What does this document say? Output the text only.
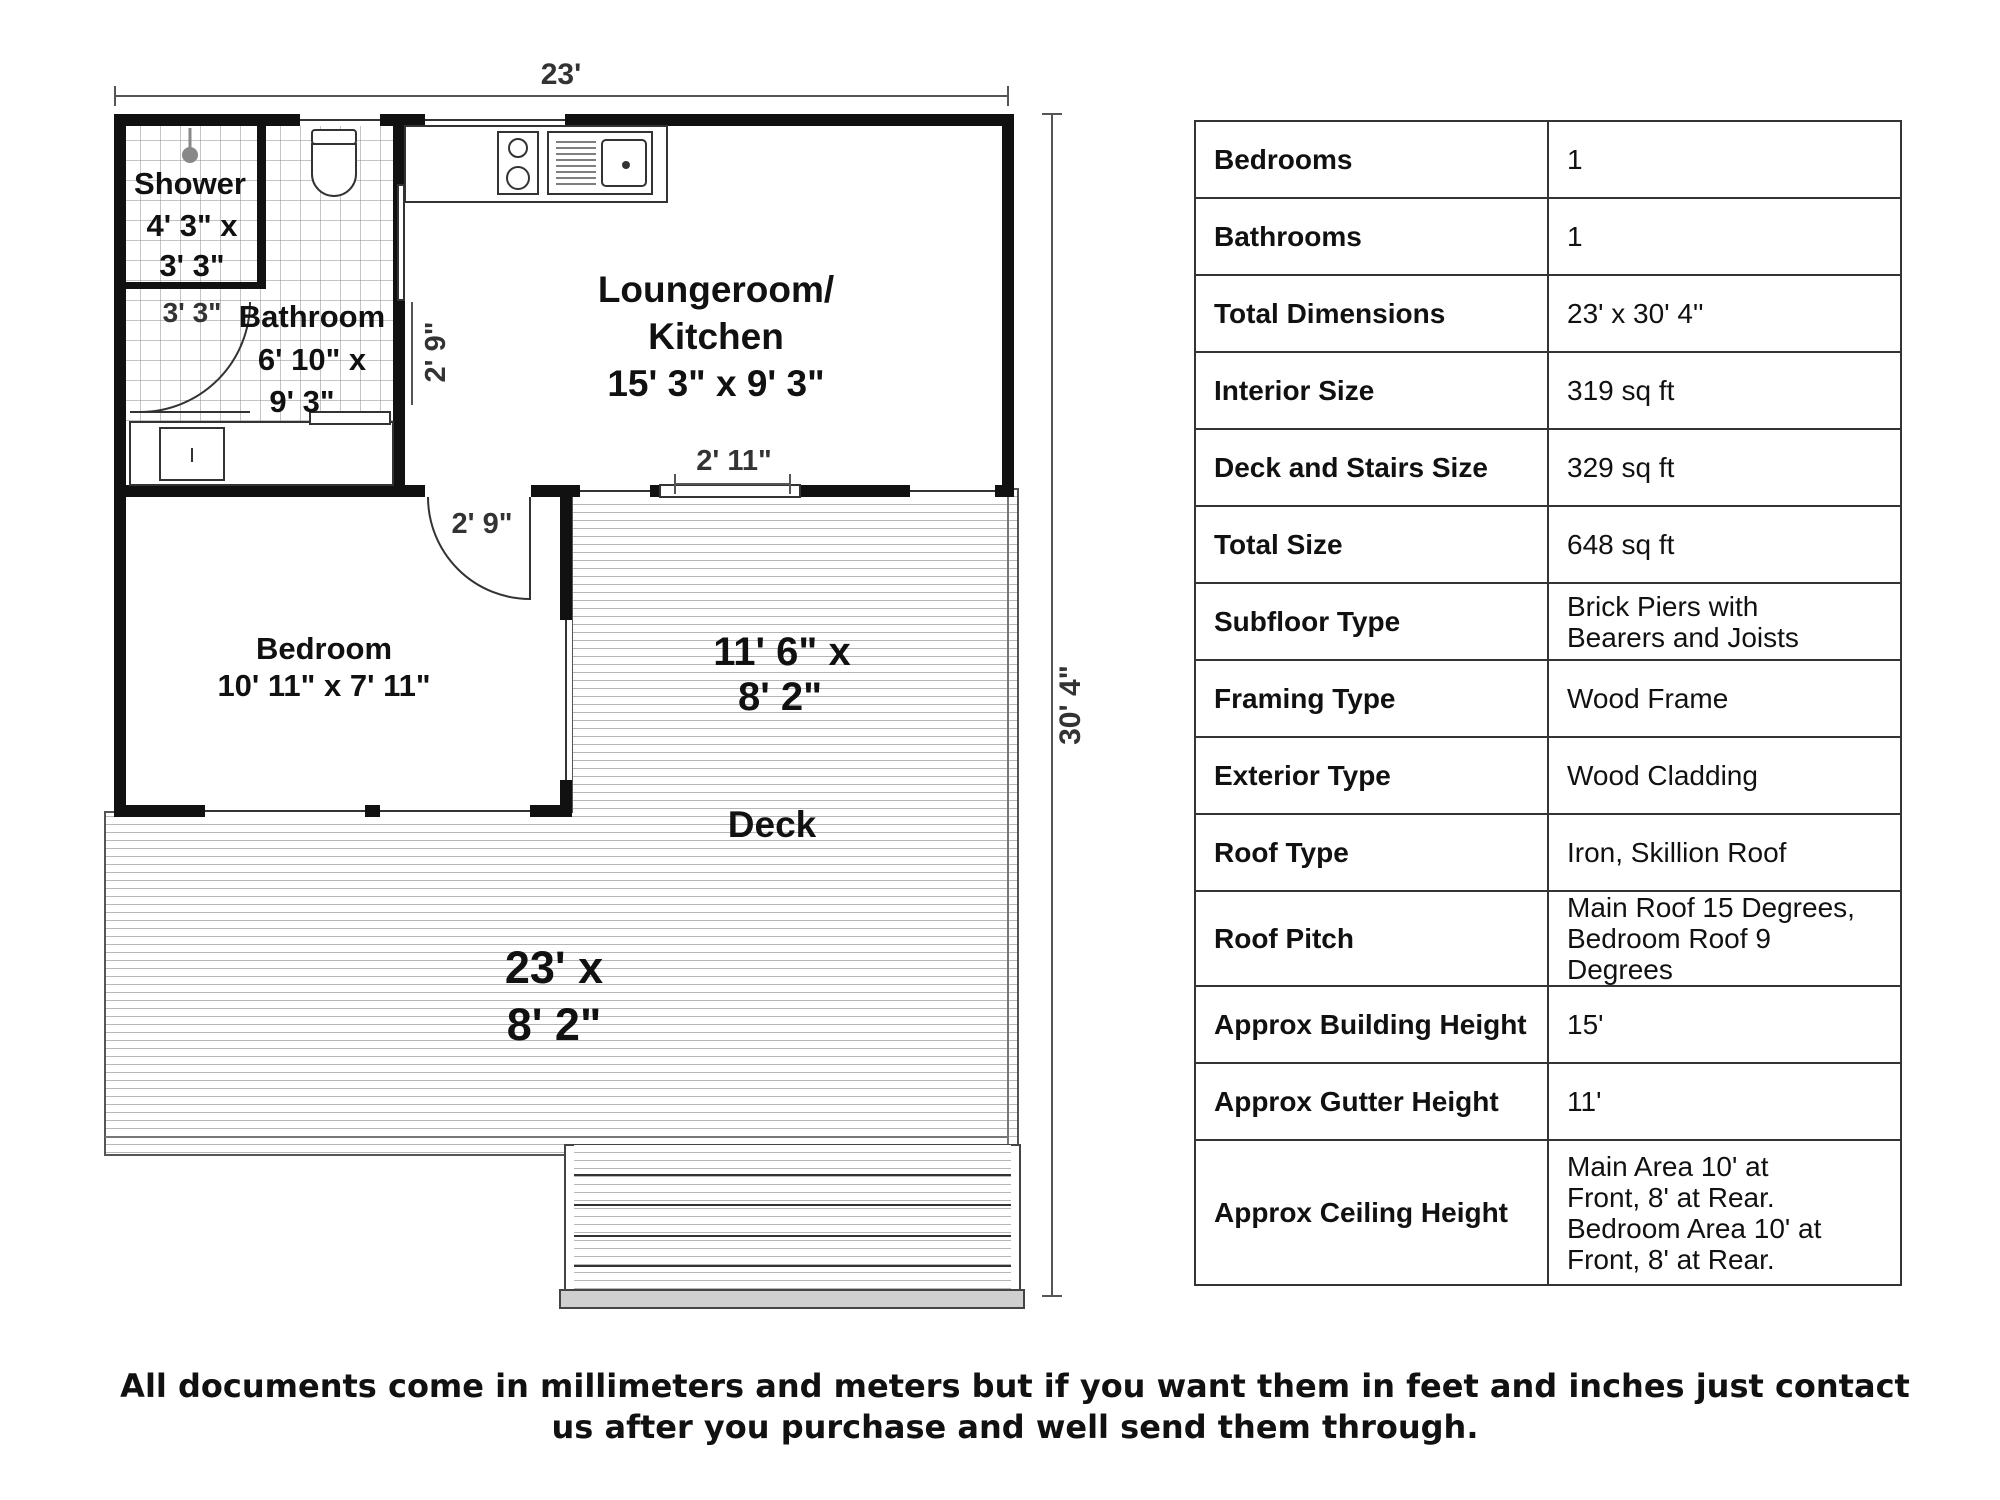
23'
30' 4"
2' 11"
2' 9"
3' 3"
2' 9"
Shower
4' 3" x
3' 3"
Bathroom
6' 10" x
9' 3"
Loungeroom/
Kitchen
15' 3" x 9' 3"
Bedroom
10' 11" x 7' 11"
11' 6" x
8' 2"
Deck
23' x
8' 2"
Bedrooms	1

Bathrooms	1

Total Dimensions	23' x 30' 4''

Interior Size	319 sq ft

Deck and Stairs Size	329 sq ft

Total Size	648 sq ft

Subfloor Type	Brick Piers with
Bearers and Joists

Framing Type	Wood Frame

Exterior Type	Wood Cladding

Roof Type	Iron, Skillion Roof

Roof Pitch	Main Roof 15 Degrees,
Bedroom Roof 9 Degrees

Approx Building Height	15'

Approx Gutter Height	11'

Approx Ceiling Height	Main Area 10' at
Front, 8' at Rear.
Bedroom Area 10' at
Front, 8' at Rear.
All documents come in millimeters and meters but if you want them in feet and inches just contact us after you purchase and well send them through.
